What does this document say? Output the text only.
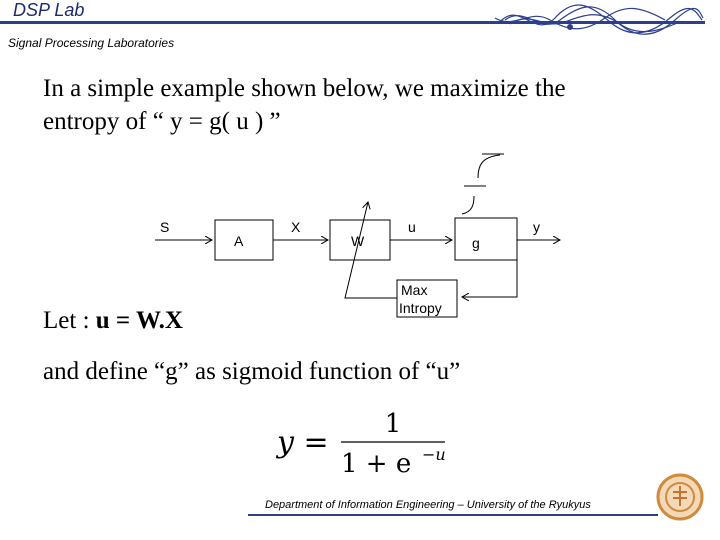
DSP Lab
Signal Processing Laboratories
In a simple example shown below, we maximize the
entropy of “ y = g( u ) ”
S
A
X
W
u
g
y
Max
Intropy
Let : u = W.X
and define “g” as sigmoid function of “u”
y =
1
1 + e −u
Department of Information Engineering – University of the Ryukyus
